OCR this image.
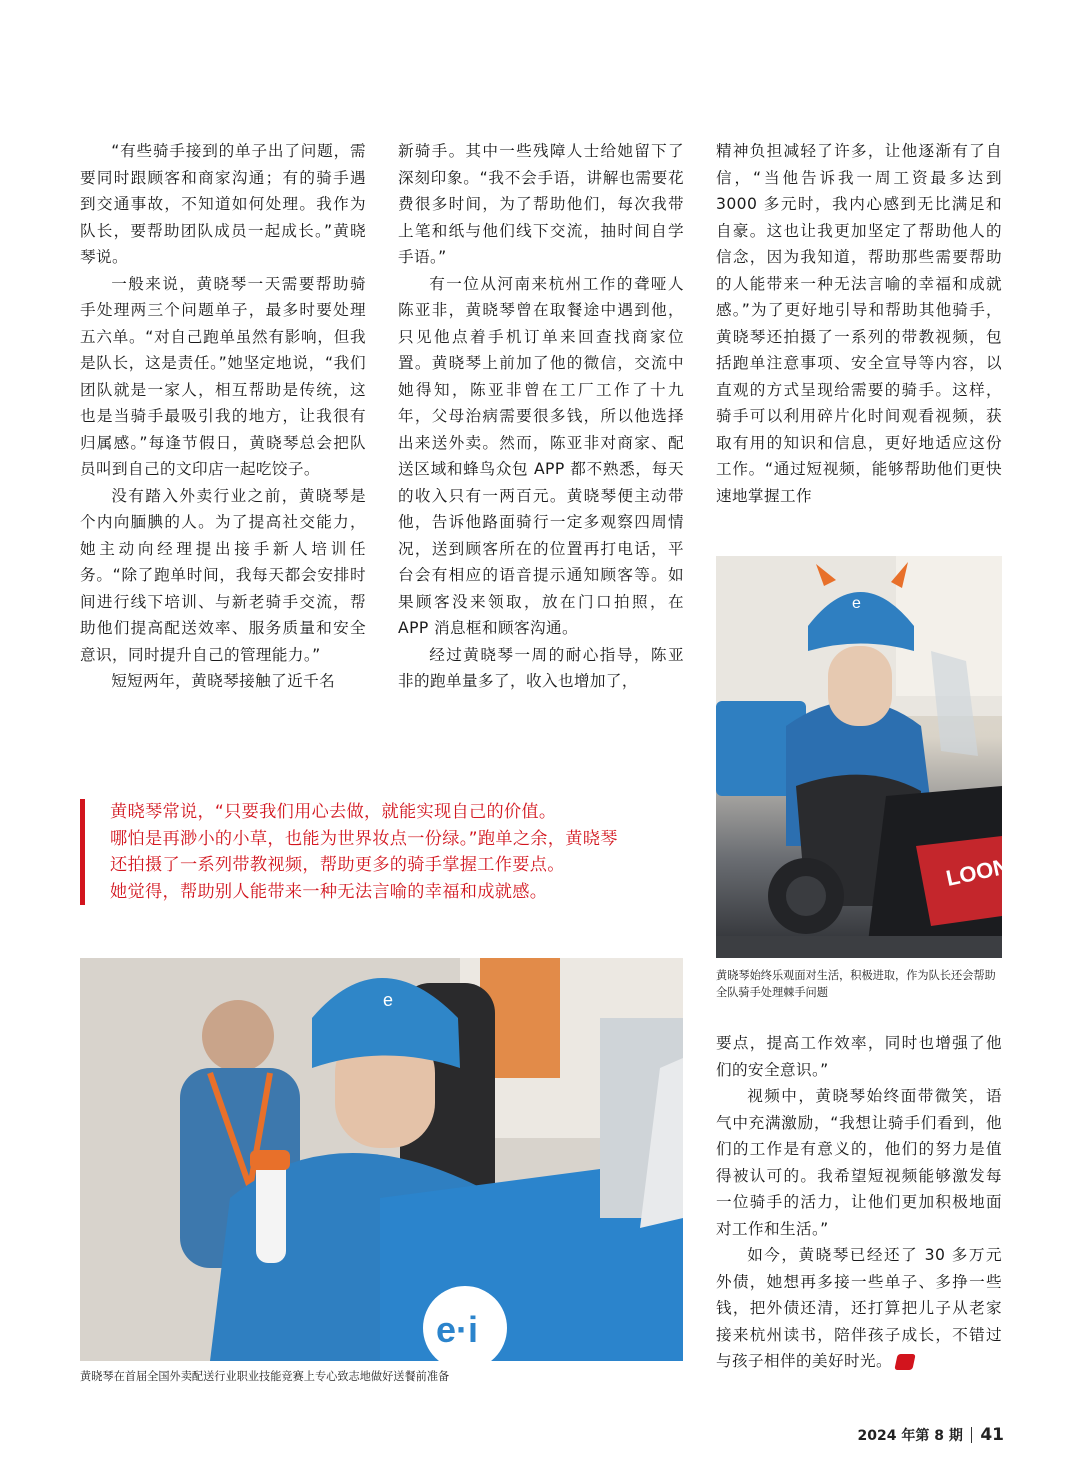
“有些骑手接到的单子出了问题，需要同时跟顾客和商家沟通；有的骑手遇到交通事故，不知道如何处理。我作为队长，要帮助团队成员一起成长。”黄晓琴说。

一般来说，黄晓琴一天需要帮助骑手处理两三个问题单子，最多时要处理五六单。“对自己跑单虽然有影响，但我是队长，这是责任。”她坚定地说，“我们团队就是一家人，相互帮助是传统，这也是当骑手最吸引我的地方，让我很有归属感。”每逢节假日，黄晓琴总会把队员叫到自己的文印店一起吃饺子。

没有踏入外卖行业之前，黄晓琴是个内向腼腆的人。为了提高社交能力，她主动向经理提出接手新人培训任务。“除了跑单时间，我每天都会安排时间进行线下培训、与新老骑手交流，帮助他们提高配送效率、服务质量和安全意识，同时提升自己的管理能力。”

短短两年，黄晓琴接触了近千名

新骑手。其中一些残障人士给她留下了深刻印象。“我不会手语，讲解也需要花费很多时间，为了帮助他们，每次我带上笔和纸与他们线下交流，抽时间自学手语。”

有一位从河南来杭州工作的聋哑人陈亚非，黄晓琴曾在取餐途中遇到他，只见他点着手机订单来回查找商家位置。黄晓琴上前加了他的微信，交流中她得知，陈亚非曾在工厂工作了十九年，父母治病需要很多钱，所以他选择出来送外卖。然而，陈亚非对商家、配送区域和蜂鸟众包 APP 都不熟悉，每天的收入只有一两百元。黄晓琴便主动带他，告诉他路面骑行一定多观察四周情况，送到顾客所在的位置再打电话，平台会有相应的语音提示通知顾客等。如果顾客没来领取，放在门口拍照，在 APP 消息框和顾客沟通。

经过黄晓琴一周的耐心指导，陈亚非的跑单量多了，收入也增加了，

精神负担减轻了许多，让他逐渐有了自信，“当他告诉我一周工资最多达到 3000 多元时，我内心感到无比满足和自豪。这也让我更加坚定了帮助他人的信念，因为我知道，帮助那些需要帮助的人能带来一种无法言喻的幸福和成就感。”为了更好地引导和帮助其他骑手，黄晓琴还拍摄了一系列的带教视频，包括跑单注意事项、安全宣导等内容，以直观的方式呈现给需要的骑手。这样，骑手可以利用碎片化时间观看视频，获取有用的知识和信息，更好地适应这份工作。“通过短视频，能够帮助他们更快速地掌握工作

e
LOON
黄晓琴始终乐观面对生活，积极进取，作为队长还会帮助全队骑手处理棘手问题
黄晓琴常说，“只要我们用心去做，就能实现自己的价值。
哪怕是再渺小的小草，也能为世界妆点一份绿。”跑单之余，黄晓琴
还拍摄了一系列带教视频，帮助更多的骑手掌握工作要点。
她觉得，帮助别人能带来一种无法言喻的幸福和成就感。
e
e·i
黄晓琴在首届全国外卖配送行业职业技能竞赛上专心致志地做好送餐前准备

要点，提高工作效率，同时也增强了他们的安全意识。”

视频中，黄晓琴始终面带微笑，语气中充满激励，“我想让骑手们看到，他们的工作是有意义的，他们的努力是值得被认可的。我希望短视频能够激发每一位骑手的活力，让他们更加积极地面对工作和生活。”

如今，黄晓琴已经还了 30 多万元外债，她想再多接一些单子、多挣一些钱，把外债还清，还打算把儿子从老家接来杭州读书，陪伴孩子成长，不错过与孩子相伴的美好时光。

2024 年第 8 期 41
